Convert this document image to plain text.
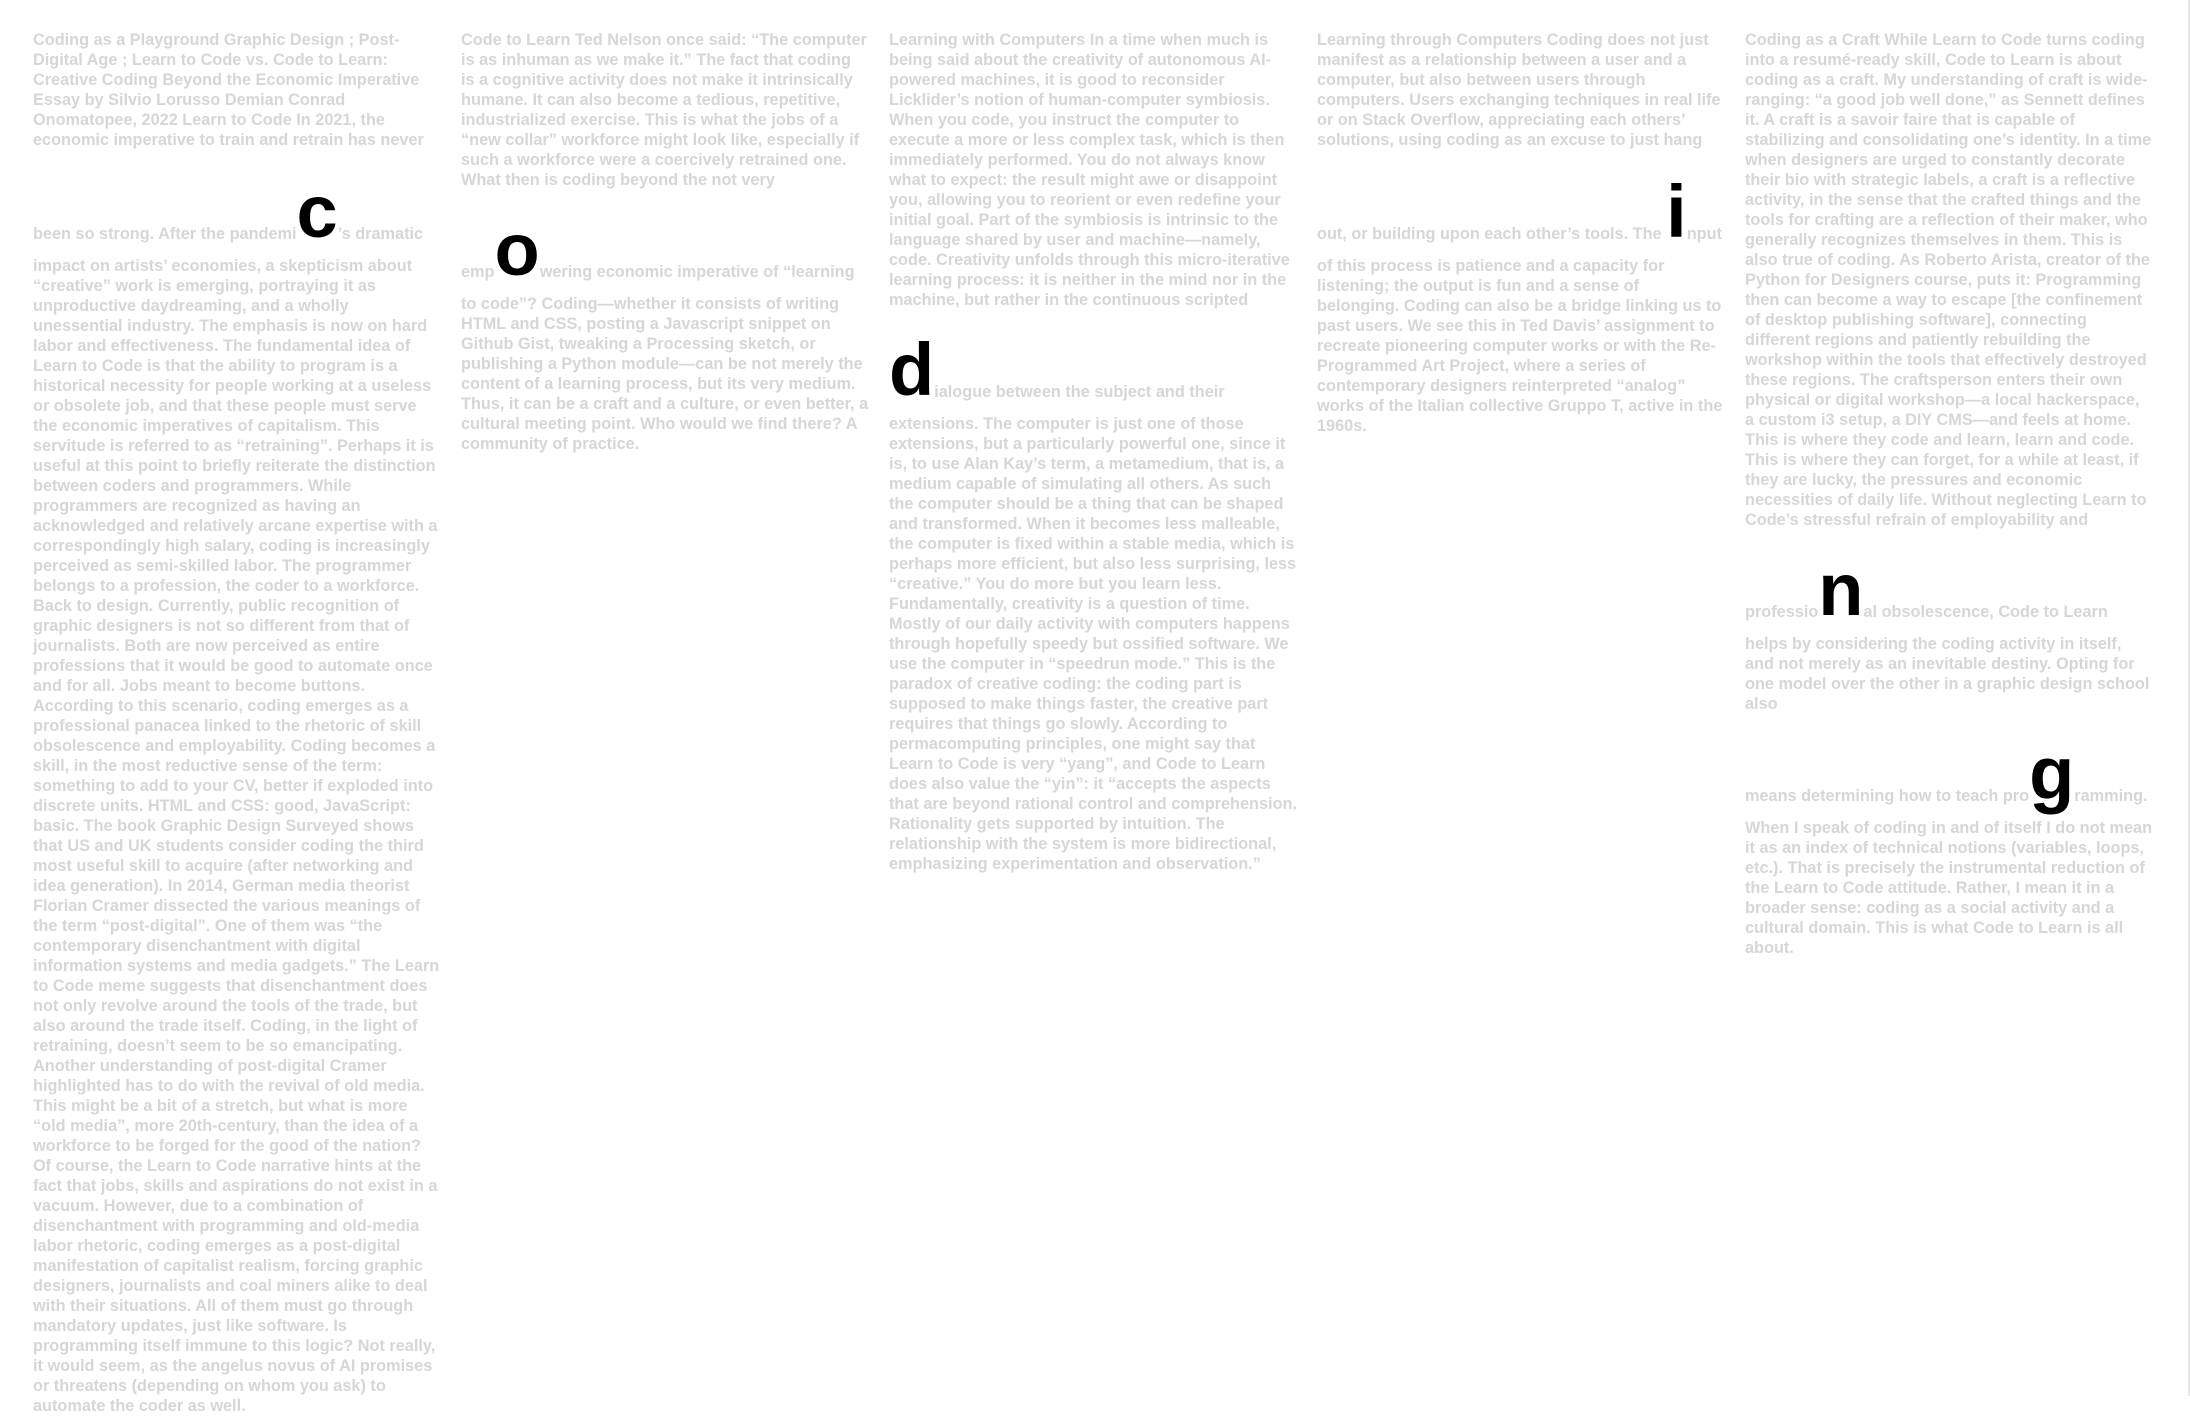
Coding as a Playground Graphic Design ; Post-Digital Age ; Learn to Code vs. Code to Learn: Creative Coding Beyond the Economic Imperative Essay by Silvio Lorusso Demian Conrad Onomatopee, 2022 Learn to Code In 2021, the economic imperative to train and retrain has never

been so strong. After the pandemic’s dramatic

impact on artists’ economies, a skepticism about “creative” work is emerging, portraying it as unproductive daydreaming, and a wholly unessential industry. The emphasis is now on hard labor and effectiveness. The fundamental idea of Learn to Code is that the ability to program is a historical necessity for people working at a useless or obsolete job, and that these people must serve the economic imperatives of capitalism. This servitude is referred to as “retraining”. Perhaps it is useful at this point to briefly reiterate the distinction between coders and programmers. While programmers are recognized as having an acknowledged and relatively arcane expertise with a correspondingly high salary, coding is increasingly perceived as semi-skilled labor. The programmer belongs to a profession, the coder to a workforce. Back to design. Currently, public recognition of graphic designers is not so different from that of journalists. Both are now perceived as entire professions that it would be good to automate once and for all. Jobs meant to become buttons. According to this scenario, coding emerges as a professional panacea linked to the rhetoric of skill obsolescence and employability. Coding becomes a skill, in the most reductive sense of the term: something to add to your CV, better if exploded into discrete units. HTML and CSS: good, JavaScript: basic. The book Graphic Design Surveyed shows that US and UK students consider coding the third most useful skill to acquire (after networking and idea generation). In 2014, German media theorist Florian Cramer dissected the various meanings of the term “post-digital”. One of them was “the contemporary disenchantment with digital information systems and media gadgets.” The Learn to Code meme suggests that disenchantment does not only revolve around the tools of the trade, but also around the trade itself. Coding, in the light of retraining, doesn’t seem to be so emancipating. Another understanding of post-digital Cramer highlighted has to do with the revival of old media. This might be a bit of a stretch, but what is more “old media”, more 20th-century, than the idea of a workforce to be forged for the good of the nation? Of course, the Learn to Code narrative hints at the fact that jobs, skills and aspirations do not exist in a vacuum. However, due to a combination of disenchantment with programming and old-media labor rhetoric, coding emerges as a post-digital manifestation of capitalist realism, forcing graphic designers, journalists and coal miners alike to deal with their situations. All of them must go through mandatory updates, just like software. Is programming itself immune to this logic? Not really, it would seem, as the angelus novus of AI promises or threatens (depending on whom you ask) to automate the coder as well.

Code to Learn Ted Nelson once said: “The computer is as inhuman as we make it.” The fact that coding is a cognitive activity does not make it intrinsically humane. It can also become a tedious, repetitive, industrialized exercise. This is what the jobs of a “new collar” workforce might look like, especially if such a workforce were a coercively retrained one. What then is coding beyond the not very

empowering economic imperative of “learning

to code”? Coding—whether it consists of writing HTML and CSS, posting a Javascript snippet on Github Gist, tweaking a Processing sketch, or publishing a Python module—can be not merely the content of a learning process, but its very medium. Thus, it can be a craft and a culture, or even better, a cultural meeting point. Who would we find there? A community of practice.

Learning with Computers In a time when much is being said about the creativity of autonomous AI-powered machines, it is good to reconsider Licklider’s notion of human-computer symbiosis. When you code, you instruct the computer to execute a more or less complex task, which is then immediately performed. You do not always know what to expect: the result might awe or disappoint you, allowing you to reorient or even redefine your initial goal. Part of the symbiosis is intrinsic to the language shared by user and machine—namely, code. Creativity unfolds through this micro-iterative learning process: it is neither in the mind nor in the machine, but rather in the continuous scripted

dialogue between the subject and their

extensions. The computer is just one of those extensions, but a particularly powerful one, since it is, to use Alan Kay’s term, a metamedium, that is, a medium capable of simulating all others. As such the computer should be a thing that can be shaped and transformed. When it becomes less malleable, the computer is fixed within a stable media, which is perhaps more efficient, but also less surprising, less “creative.” You do more but you learn less. Fundamentally, creativity is a question of time. Mostly of our daily activity with computers happens through hopefully speedy but ossified software. We use the computer in “speedrun mode.” This is the paradox of creative coding: the coding part is supposed to make things faster, the creative part requires that things go slowly. According to permacomputing principles, one might say that Learn to Code is very “yang”, and Code to Learn does also value the “yin”: it “accepts the aspects that are beyond rational control and comprehension. Rationality gets supported by intuition. The relationship with the system is more bidirectional, emphasizing experimentation and observation.”

Learning through Computers Coding does not just manifest as a relationship between a user and a computer, but also between users through computers. Users exchanging techniques in real life or on Stack Overflow, appreciating each others’ solutions, using coding as an excuse to just hang

out, or building upon each other’s tools. The input

of this process is patience and a capacity for listening; the output is fun and a sense of belonging. Coding can also be a bridge linking us to past users. We see this in Ted Davis’ assignment to recreate pioneering computer works or with the Re-Programmed Art Project, where a series of contemporary designers reinterpreted “analog” works of the Italian collective Gruppo T, active in the 1960s.

Coding as a Craft While Learn to Code turns coding into a resumé-ready skill, Code to Learn is about coding as a craft. My understanding of craft is wide-ranging: “a good job well done,” as Sennett defines it. A craft is a savoir faire that is capable of stabilizing and consolidating one’s identity. In a time when designers are urged to constantly decorate their bio with strategic labels, a craft is a reflective activity, in the sense that the crafted things and the tools for crafting are a reflection of their maker, who generally recognizes themselves in them. This is also true of coding. As Roberto Arista, creator of the Python for Designers course, puts it: Programming then can become a way to escape [the confinement of desktop publishing software], connecting different regions and patiently rebuilding the workshop within the tools that effectively destroyed these regions. The craftsperson enters their own physical or digital workshop—a local hackerspace, a custom i3 setup, a DIY CMS—and feels at home. This is where they code and learn, learn and code. This is where they can forget, for a while at least, if they are lucky, the pressures and economic necessities of daily life. Without neglecting Learn to Code’s stressful refrain of employability and

professional obsolescence, Code to Learn

helps by considering the coding activity in itself, and not merely as an inevitable destiny. Opting for one model over the other in a graphic design school also

means determining how to teach programming.

When I speak of coding in and of itself I do not mean it as an index of technical notions (variables, loops, etc.). That is precisely the instrumental reduction of the Learn to Code attitude. Rather, I mean it in a broader sense: coding as a social activity and a cultural domain. This is what Code to Learn is all about.
